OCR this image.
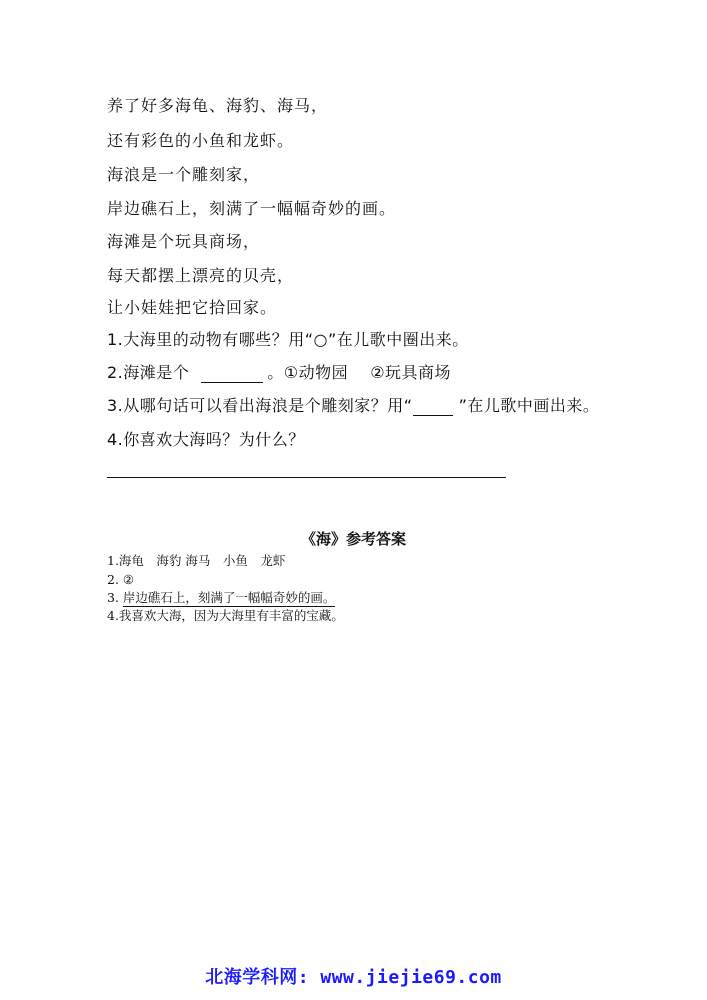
养了好多海龟、海豹、海马，
还有彩色的小鱼和龙虾。
海浪是一个雕刻家，
岸边礁石上，刻满了一幅幅奇妙的画。
海滩是个玩具商场，
每天都摆上漂亮的贝壳，
让小娃娃把它拾回家。
1.大海里的动物有哪些？用“○”在儿歌中圈出来。
2.海滩是个	。①动物园　 ②玩具商场
3.从哪句话可以看出海浪是个雕刻家？用“	”在儿歌中画出来。
4.你喜欢大海吗？为什么？
《海》参考答案
1.海龟　海豹 海马　小鱼　龙虾
2. ②
3. 岸边礁石上，刻满了一幅幅奇妙的画。
4.我喜欢大海，因为大海里有丰富的宝藏。
北海学科网: www.jiejie69.com
